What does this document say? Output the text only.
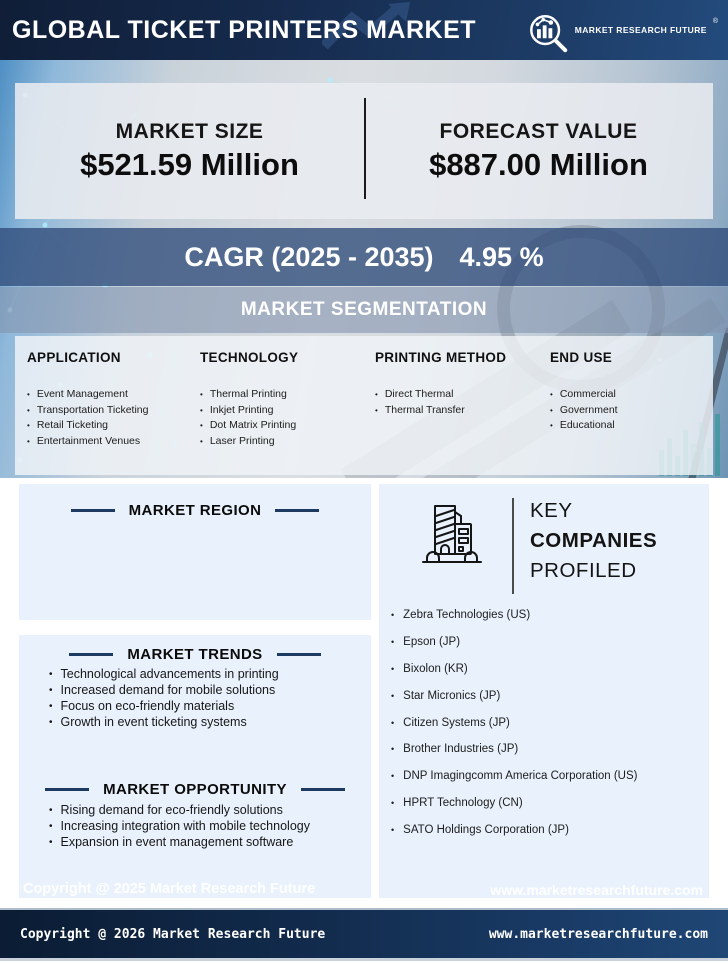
GLOBAL TICKET PRINTERS MARKET	MARKET RESEARCH FUTURE
®
MARKET SIZE
$521.59 Million
FORECAST VALUE
$887.00 Million
CAGR (2025 - 2035) 4.95 %
MARKET SEGMENTATION
APPLICATION
• Event Management
• Transportation Ticketing
• Retail Ticketing
• Entertainment Venues
TECHNOLOGY
• Thermal Printing
• Inkjet Printing
• Dot Matrix Printing
• Laser Printing
PRINTING METHOD
• Direct Thermal
• Thermal Transfer
END USE
• Commercial
• Government
• Educational
MARKET REGION
MARKET TRENDS
• Technological advancements in printing
• Increased demand for mobile solutions
• Focus on eco-friendly materials
• Growth in event ticketing systems
MARKET OPPORTUNITY
• Rising demand for eco-friendly solutions
• Increasing integration with mobile technology
• Expansion in event management software
Copyright @ 2025 Market Research Future
KEY
COMPANIES
PROFILED
• Zebra Technologies (US)
• Epson (JP)
• Bixolon (KR)
• Star Micronics (JP)
• Citizen Systems (JP)
• Brother Industries (JP)
• DNP Imagingcomm America Corporation (US)
• HPRT Technology (CN)
• SATO Holdings Corporation (JP)
www.marketresearchfuture.com
Copyright @ 2026 Market Research Future	www.marketresearchfuture.com
